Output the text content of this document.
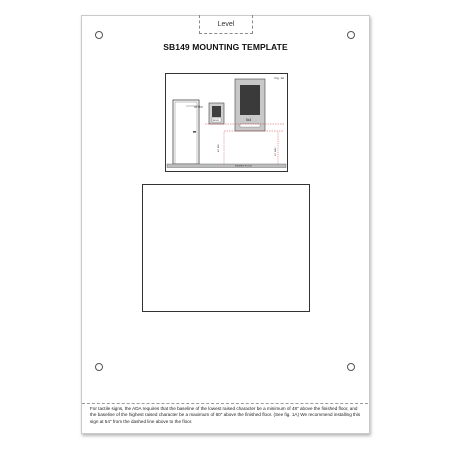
Level
SB149 MOUNTING TEMPLATE
Fig. 1A
36" MIN
SB149	5x3
48" MIN	60" MAX
FINISHED FLOOR
For tactile signs, the ADA requires that the baseline of the lowest raised character be a minimum of 48" above the finished floor, and the baseline of the highest raised character be a maximum of 60" above the finished floor. (See fig. 1A) We recommend installing this sign at 54" from the dashed line above to the floor.
